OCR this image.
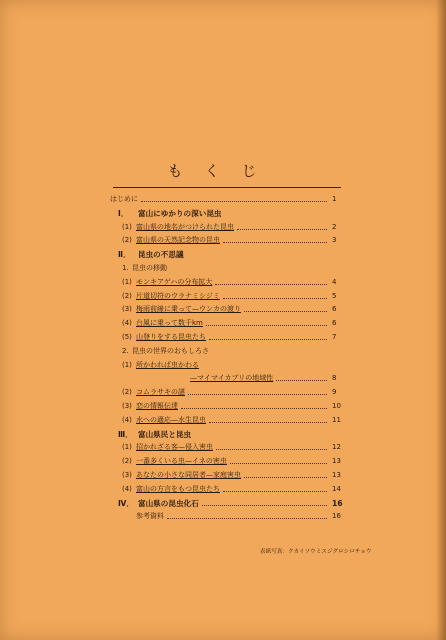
もくじ
はじめに	1
Ⅰ．	富山にゆかりの深い昆虫
(1) 富山県の地名がつけられた昆虫	2
(2) 富山県の天然記念物の昆虫	3
Ⅱ． 昆虫の不思議
1. 昆虫の移動
(1) モンキアゲハの分布拡大	4
(2) 片道切符のウラナミシジミ	5
(3) 梅雨前線に乗って—ウンカの渡り	6
(4) 台風に乗って数千km	6
(5) 山登りをする昆虫たち	7
2. 昆虫の世界のおもしろさ
(1) 所かわれば虫かわる
—マイマイカブリの地域性	8
(2) コムラサキの謎	9
(3) 恋の情報伝達	10
(4) 水への適応—水生昆虫	11
Ⅲ． 富山県民と昆虫
(1) 招かれざる客—侵入害虫	12
(2) 一番多くいる虫—イネの害虫	13
(3) あなたの小さな同居者—家庭害虫	13
(4) 富山の方言をもつ昆虫たち	14
Ⅳ． 富山県の昆虫化石	16
参考資料	16
表紙写真：クカイソウミスジグロシロチョウ
